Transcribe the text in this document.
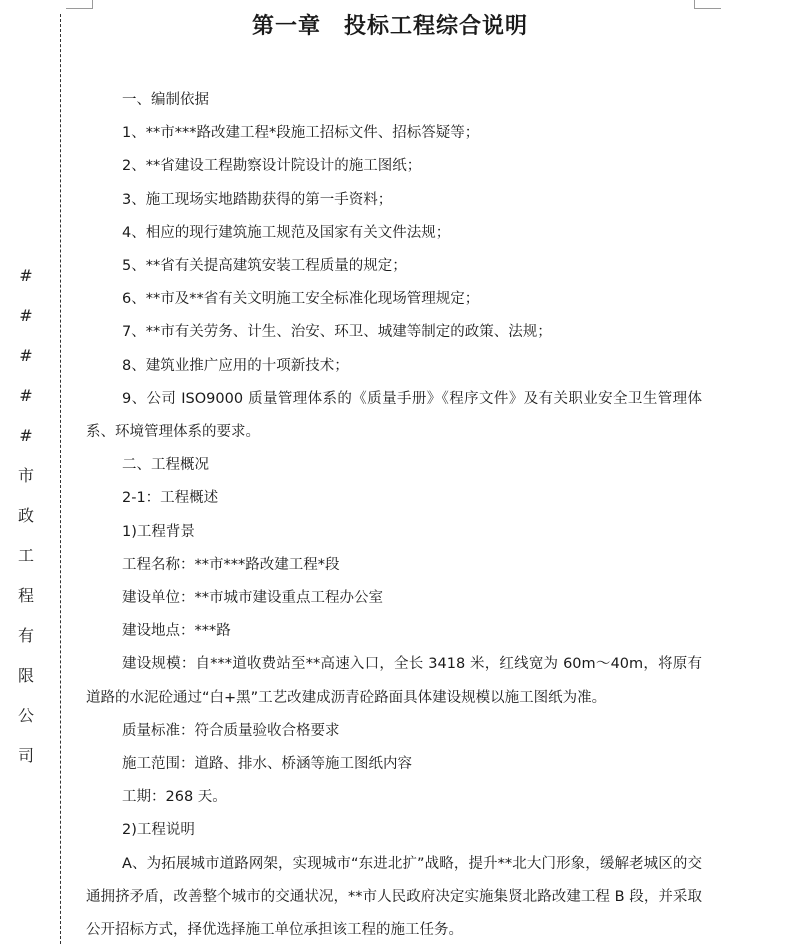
#
#
#
#
#
市
政
工
程
有
限
公
司
第一章　投标工程综合说明

一、编制依据

1、**市***路改建工程*段施工招标文件、招标答疑等；

2、**省建设工程勘察设计院设计的施工图纸；

3、施工现场实地踏勘获得的第一手资料；

4、相应的现行建筑施工规范及国家有关文件法规；

5、**省有关提高建筑安装工程质量的规定；

6、**市及**省有关文明施工安全标准化现场管理规定；

7、**市有关劳务、计生、治安、环卫、城建等制定的政策、法规；

8、建筑业推广应用的十项新技术；

9、公司 ISO9000 质量管理体系的《质量手册》《程序文件》及有关职业安全卫生管理体系、环境管理体系的要求。

二、工程概况

2-1：工程概述

1)工程背景

工程名称：**市***路改建工程*段

建设单位：**市城市建设重点工程办公室

建设地点：***路

建设规模：自***道收费站至**高速入口，全长 3418 米，红线宽为 60m～40m，将原有道路的水泥砼通过“白+黑”工艺改建成沥青砼路面具体建设规模以施工图纸为准。

质量标准：符合质量验收合格要求

施工范围：道路、排水、桥涵等施工图纸内容

工期：268 天。

2)工程说明

A、为拓展城市道路网架，实现城市“东进北扩”战略，提升**北大门形象，缓解老城区的交通拥挤矛盾，改善整个城市的交通状况，**市人民政府决定实施集贤北路改建工程 B 段，并采取公开招标方式，择优选择施工单位承担该工程的施工任务。
